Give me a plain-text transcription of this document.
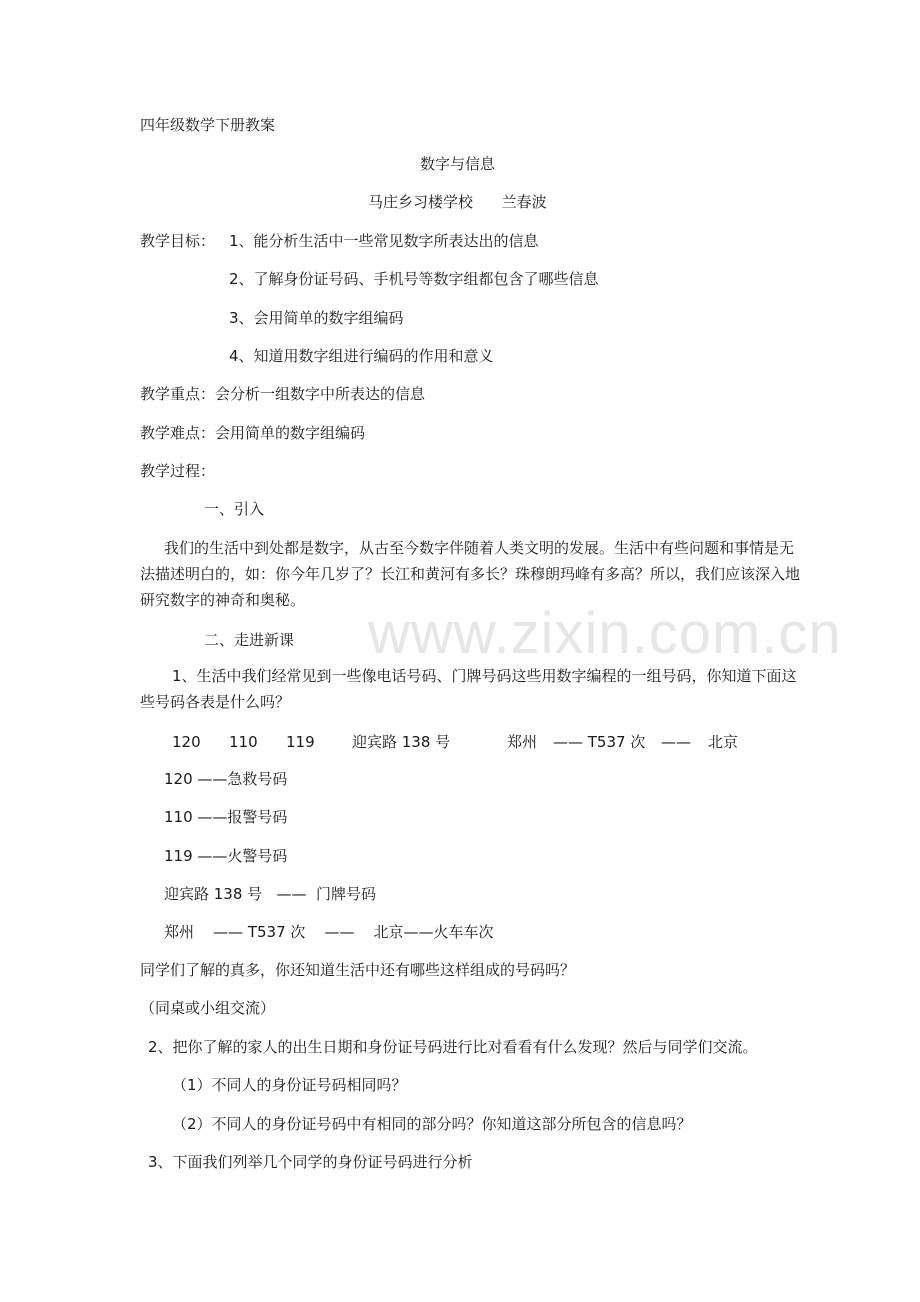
www.zixin.com.cn
四年级数学下册教案
数字与信息
马庄乡习楼学校      兰春波
教学目标： 1、能分析生活中一些常见数字所表达出的信息
2、了解身份证号码、手机号等数字组都包含了哪些信息
3、会用简单的数字组编码
4、知道用数字组进行编码的作用和意义
教学重点：会分析一组数字中所表达的信息
教学难点：会用简单的数字组编码
教学过程：
一、引入
我们的生活中到处都是数字，从古至今数字伴随着人类文明的发展。生活中有些问题和事情是无法描述明白的，如：你今年几岁了？长江和黄河有多长？珠穆朗玛峰有多高？所以，我们应该深入地研究数字的神奇和奥秘。
二、走进新课
1、生活中我们经常见到一些像电话号码、门牌号码这些用数字编程的一组号码，你知道下面这些号码各表是什么吗？
120 110 119 迎宾路 138 号	郑州 —— T537 次 —— 北京
120 ——急救号码
110 ——报警号码
119 ——火警号码
迎宾路 138 号   ——  门牌号码
郑州    —— T537 次    ——    北京——火车车次
同学们了解的真多，你还知道生活中还有哪些这样组成的号码吗？
（同桌或小组交流）
2、把你了解的家人的出生日期和身份证号码进行比对看看有什么发现？然后与同学们交流。
（1）不同人的身份证号码相同吗？
（2）不同人的身份证号码中有相同的部分吗？你知道这部分所包含的信息吗？
3、下面我们列举几个同学的身份证号码进行分析
